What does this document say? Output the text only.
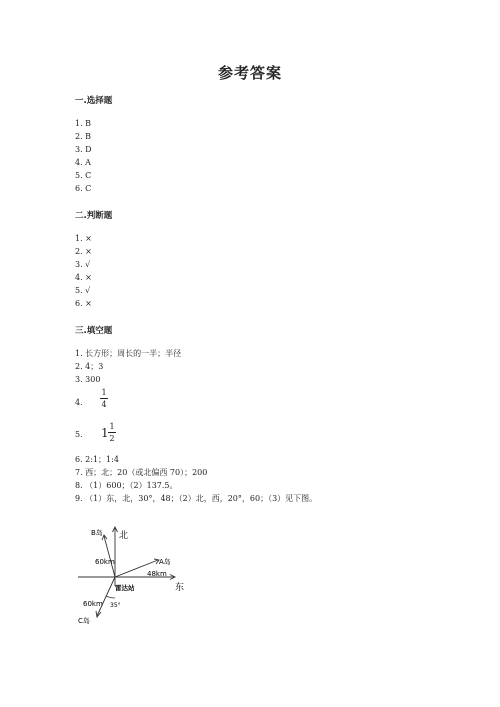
参考答案
一.选择题
1. B
2. B
3. D
4. A
5. C
6. C
二.判断题
1. ×
2. ×
3. √
4. ×
5. √
6. ×
三.填空题
1. 长方形；周长的一半；半径
2. 4；3
3. 300
4.
1
4
5. 1 1
2
6. 2:1；1:4
7. 西；北；20（或北偏西 70）；200
8. （1）600；（2）137.5。
9. （1）东，北，30°，48；（2）北，西，20°，60；（3）见下图。
北
东
B岛
60km	A岛
48km
C岛
60km 35°
雷达站
